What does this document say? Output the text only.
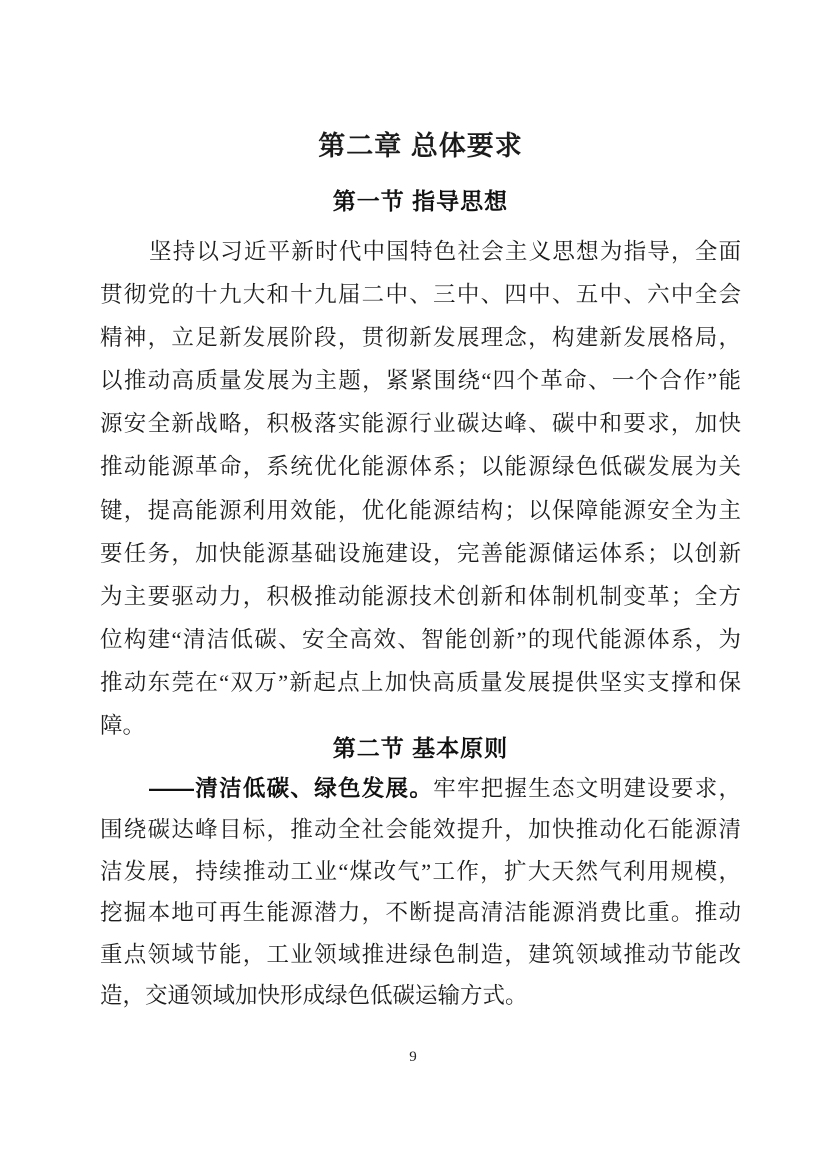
第二章 总体要求
第一节 指导思想
坚持以习近平新时代中国特色社会主义思想为指导，全面
贯彻党的十九大和十九届二中、三中、四中、五中、六中全会
精神，立足新发展阶段，贯彻新发展理念，构建新发展格局，
以推动高质量发展为主题，紧紧围绕“四个革命、一个合作”能
源安全新战略，积极落实能源行业碳达峰、碳中和要求，加快
推动能源革命，系统优化能源体系；以能源绿色低碳发展为关
键，提高能源利用效能，优化能源结构；以保障能源安全为主
要任务，加快能源基础设施建设，完善能源储运体系；以创新
为主要驱动力，积极推动能源技术创新和体制机制变革；全方
位构建“清洁低碳、安全高效、智能创新”的现代能源体系，为
推动东莞在“双万”新起点上加快高质量发展提供坚实支撑和保
障。
第二节 基本原则
——清洁低碳、绿色发展。牢牢把握生态文明建设要求，
围绕碳达峰目标，推动全社会能效提升，加快推动化石能源清
洁发展，持续推动工业“煤改气”工作，扩大天然气利用规模，
挖掘本地可再生能源潜力，不断提高清洁能源消费比重。推动
重点领域节能，工业领域推进绿色制造，建筑领域推动节能改
造，交通领域加快形成绿色低碳运输方式。
9
